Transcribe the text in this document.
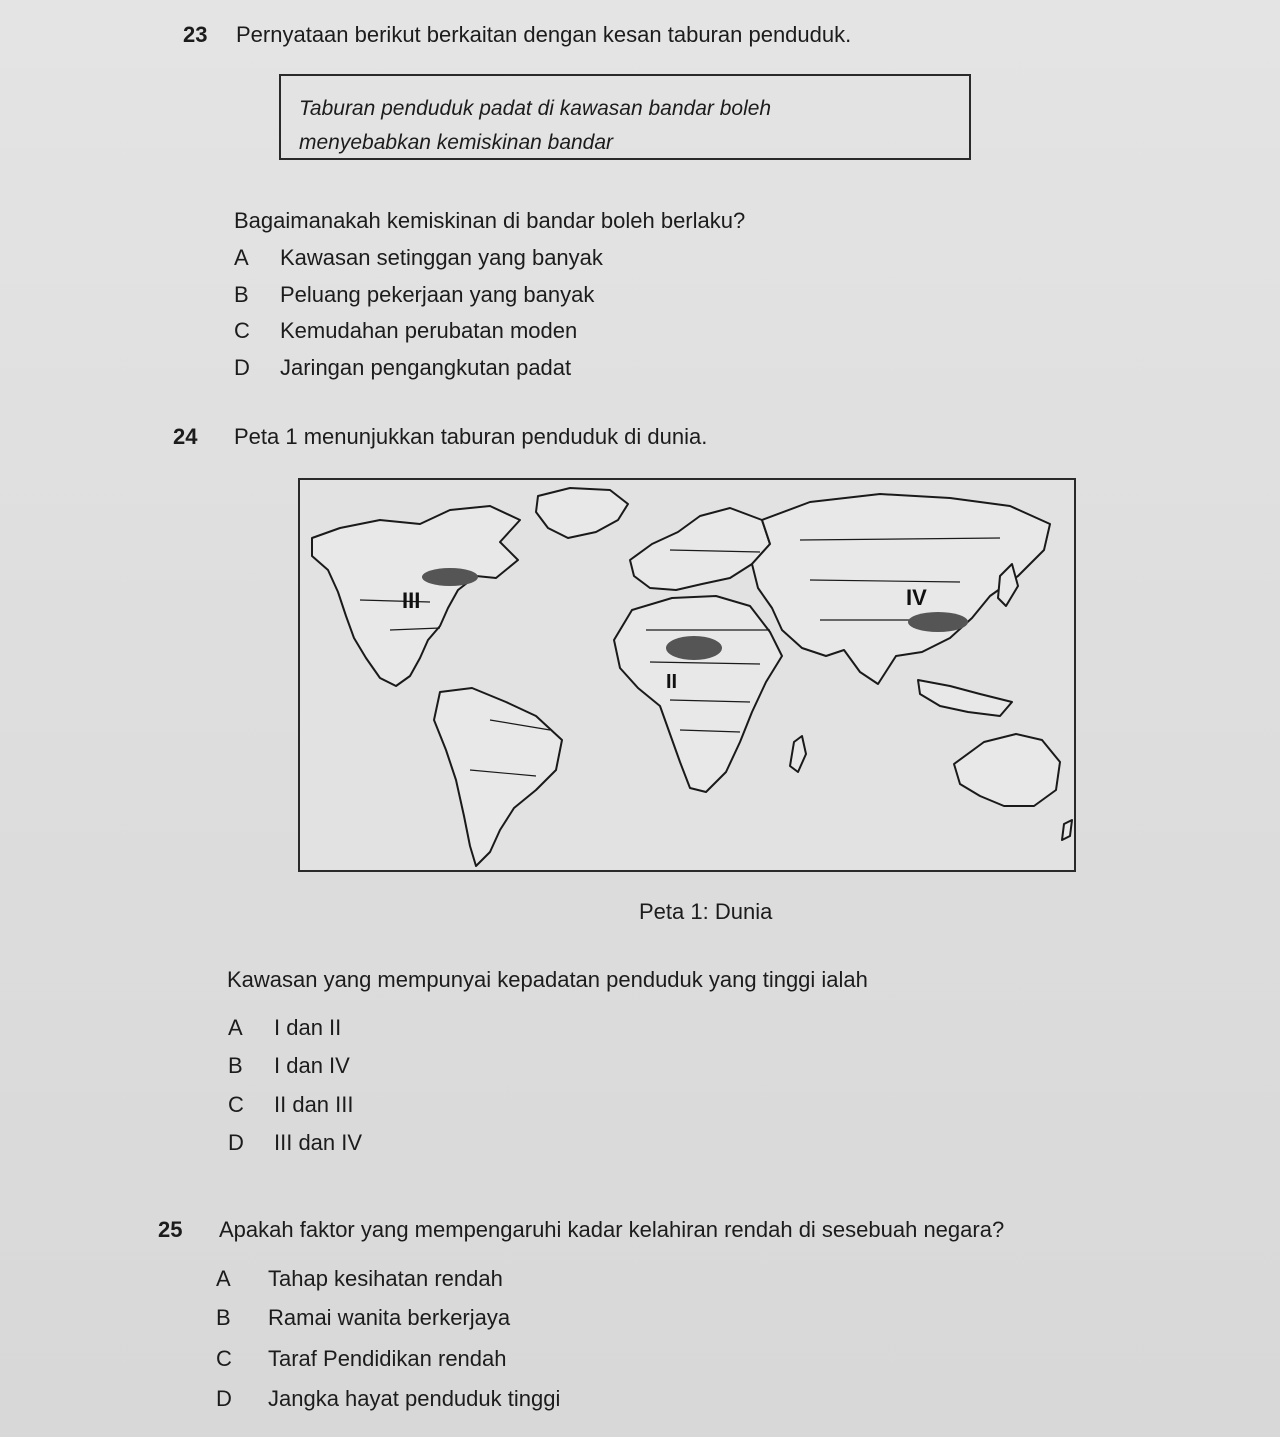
23 Pernyataan berikut berkaitan dengan kesan taburan penduduk.
Taburan penduduk padat di kawasan bandar boleh
menyebabkan kemiskinan bandar
Bagaimanakah kemiskinan di bandar boleh berlaku?
A Kawasan setinggan yang banyak
B Peluang pekerjaan yang banyak
C Kemudahan perubatan moden
D Jaringan pengangkutan padat
24 Peta 1 menunjukkan taburan penduduk di dunia.
III	IV
II
Peta 1: Dunia
Kawasan yang mempunyai kepadatan penduduk yang tinggi ialah
A I dan II
B I dan IV
C II dan III
D III dan IV
25 Apakah faktor yang mempengaruhi kadar kelahiran rendah di sesebuah negara?
A Tahap kesihatan rendah
B Ramai wanita berkerjaya
C Taraf Pendidikan rendah
D Jangka hayat penduduk tinggi
